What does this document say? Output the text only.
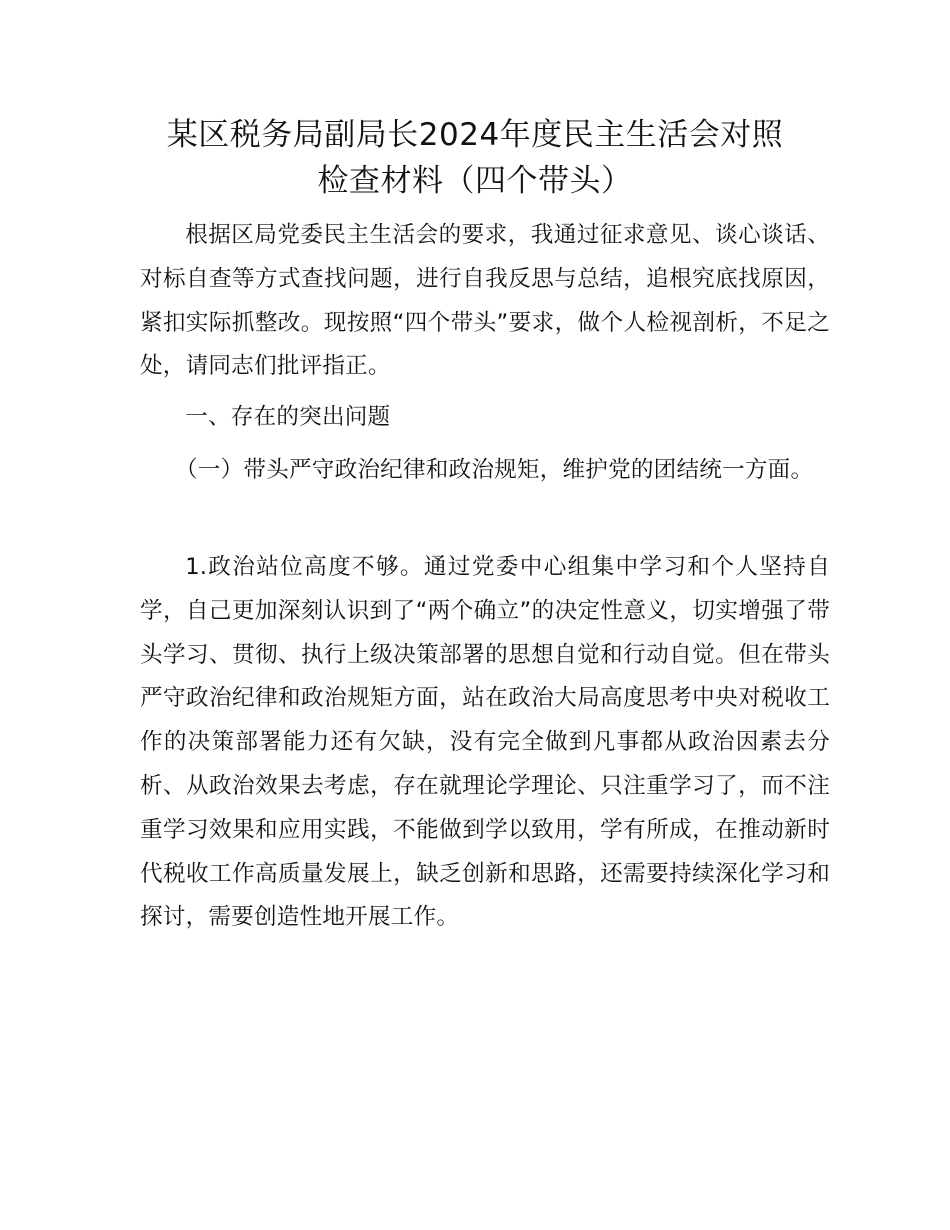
某区税务局副局长2024年度民主生活会对照
检查材料（四个带头）
根据区局党委民主生活会的要求，我通过征求意见、谈心谈话、对标自查等方式查找问题，进行自我反思与总结，追根究底找原因，紧扣实际抓整改。现按照“四个带头”要求，做个人检视剖析，不足之处，请同志们批评指正。
一、存在的突出问题
（一）带头严守政治纪律和政治规矩，维护党的团结统一方面。
1.政治站位高度不够。通过党委中心组集中学习和个人坚持自学，自己更加深刻认识到了“两个确立”的决定性意义，切实增强了带头学习、贯彻、执行上级决策部署的思想自觉和行动自觉。但在带头严守政治纪律和政治规矩方面，站在政治大局高度思考中央对税收工作的决策部署能力还有欠缺，没有完全做到凡事都从政治因素去分析、从政治效果去考虑，存在就理论学理论、只注重学习了，而不注重学习效果和应用实践，不能做到学以致用，学有所成，在推动新时代税收工作高质量发展上，缺乏创新和思路，还需要持续深化学习和探讨，需要创造性地开展工作。
